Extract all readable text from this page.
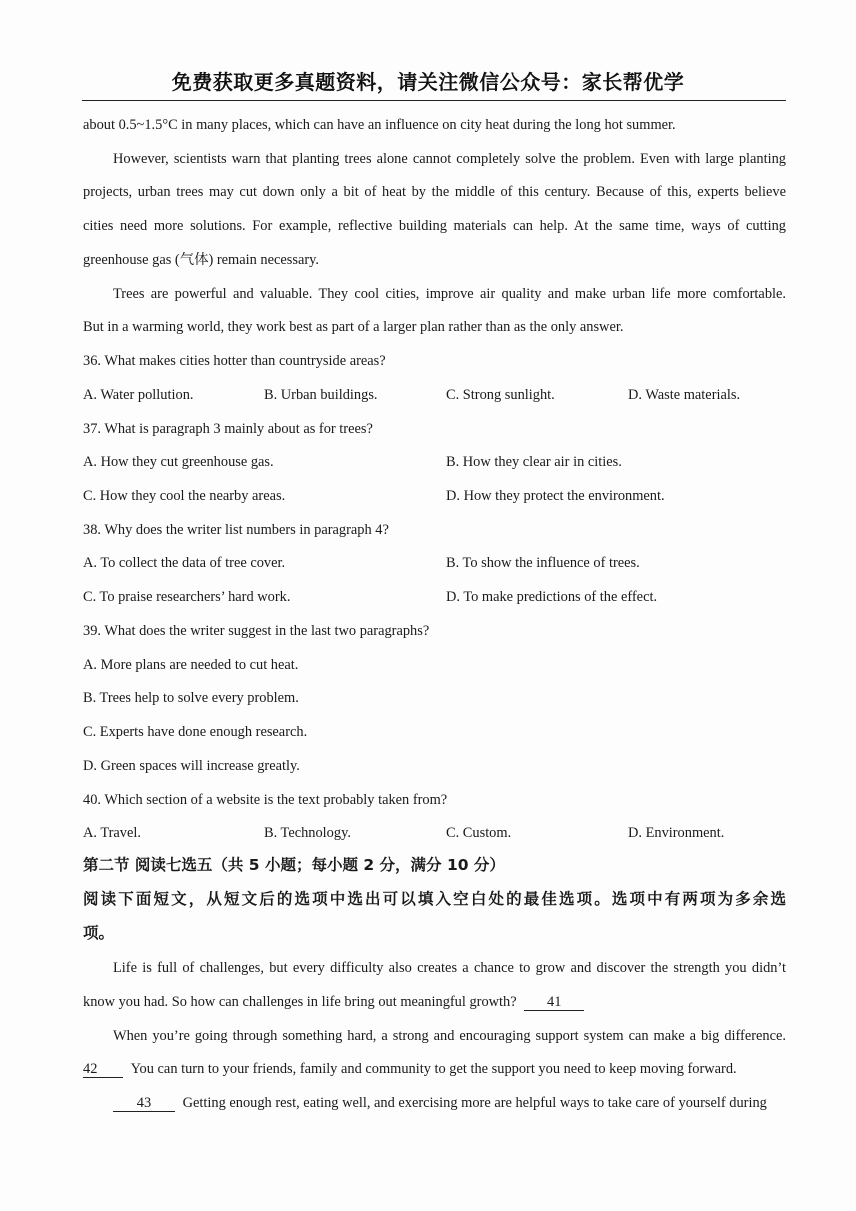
免费获取更多真题资料，请关注微信公众号：家长帮优学
about 0.5~1.5°C in many places, which can have an influence on city heat during the long hot summer.
However, scientists warn that planting trees alone cannot completely solve the problem. Even with large planting
projects, urban trees may cut down only a bit of heat by the middle of this century. Because of this, experts believe
cities need more solutions. For example, reflective building materials can help. At the same time, ways of cutting
greenhouse gas (气体) remain necessary.
Trees are powerful and valuable. They cool cities, improve air quality and make urban life more comfortable.
But in a warming world, they work best as part of a larger plan rather than as the only answer.
36. What makes cities hotter than countryside areas?
A. Water pollution.	B. Urban buildings.	C. Strong sunlight.	D. Waste materials.
37. What is paragraph 3 mainly about as for trees?
A. How they cut greenhouse gas.	B. How they clear air in cities.
C. How they cool the nearby areas.	D. How they protect the environment.
38. Why does the writer list numbers in paragraph 4?
A. To collect the data of tree cover.	B. To show the influence of trees.
C. To praise researchers’ hard work.	D. To make predictions of the effect.
39. What does the writer suggest in the last two paragraphs?
A. More plans are needed to cut heat.
B. Trees help to solve every problem.
C. Experts have done enough research.
D. Green spaces will increase greatly.
40. Which section of a website is the text probably taken from?
A. Travel.	B. Technology.	C. Custom.	D. Environment.
第二节 阅读七选五（共 5 小题；每小题 2 分，满分 10 分）
阅读下面短文，从短文后的选项中选出可以填入空白处的最佳选项。选项中有两项为多余选
项。
Life is full of challenges, but every difficulty also creates a chance to grow and discover the strength you didn’t
know you had. So how can challenges in life bring out meaningful growth? 41
When you’re going through something hard, a strong and encouraging support system can make a big difference.
42 You can turn to your friends, family and community to get the support you need to keep moving forward.
43 Getting enough rest, eating well, and exercising more are helpful ways to take care of yourself during
